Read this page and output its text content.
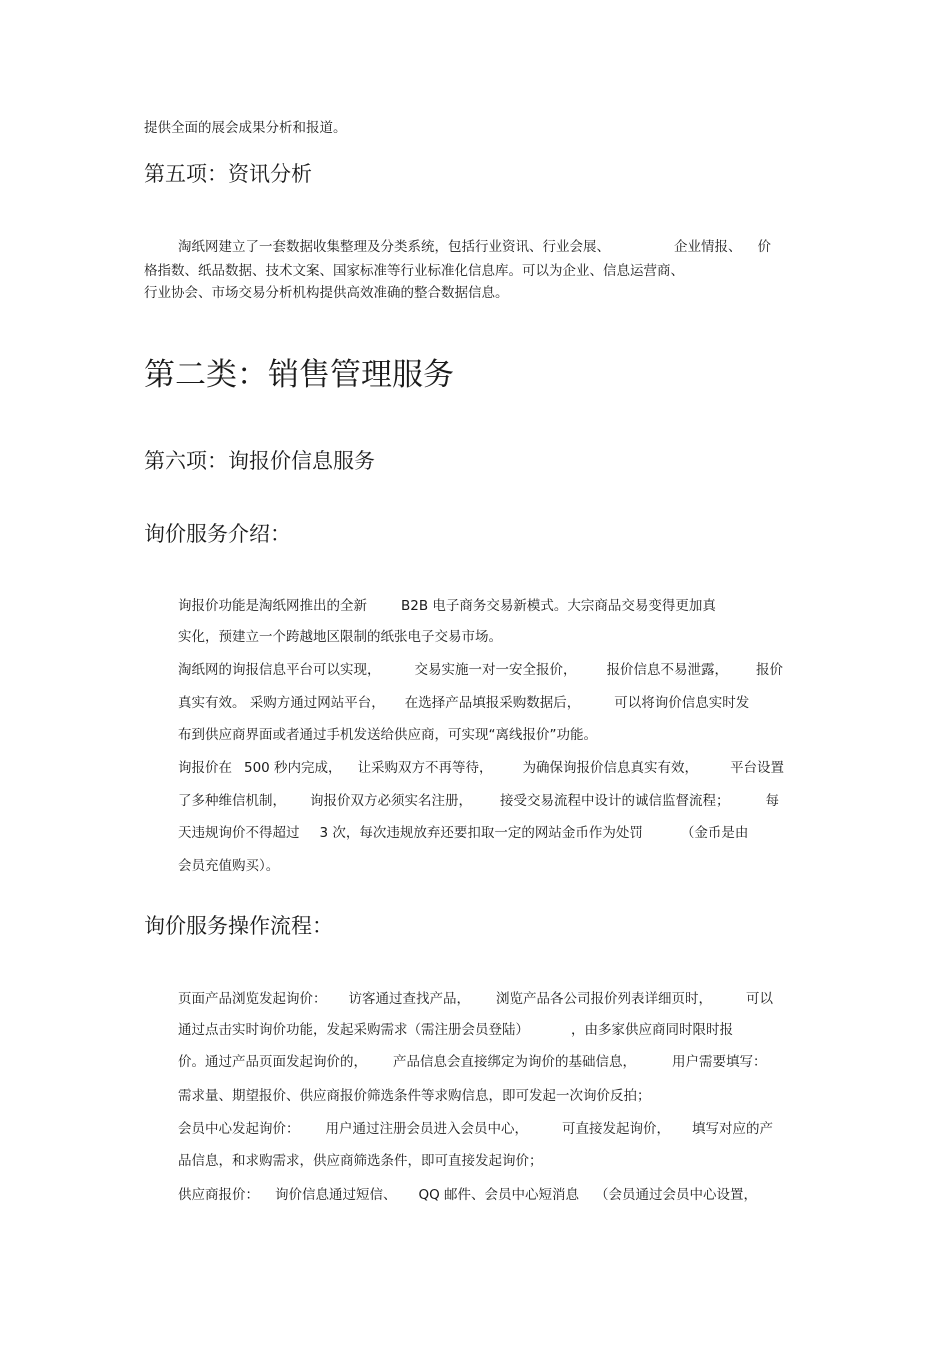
提供全面的展会成果分析和报道。
第五项：资讯分析
淘纸网建立了一套数据收集整理及分类系统，包括行业资讯、行业会展、	企业情报、 价
格指数、纸品数据、技术文案、国家标准等行业标准化信息库。可以为企业、信息运营商、
行业协会、市场交易分析机构提供高效准确的整合数据信息。
第二类：销售管理服务
第六项：询报价信息服务
询价服务介绍：
询报价功能是淘纸网推出的全新	B2B 电子商务交易新模式。大宗商品交易变得更加真
实化，预建立一个跨越地区限制的纸张电子交易市场。
淘纸网的询报信息平台可以实现，	交易实施一对一安全报价， 报价信息不易泄露， 报价
真实有效。 采购方通过网站平台， 在选择产品填报采购数据后，	可以将询价信息实时发
布到供应商界面或者通过手机发送给供应商，可实现“离线报价”功能。
询报价在 500 秒内完成， 让采购双方不再等待， 为确保询报价信息真实有效， 平台设置
了多种维信机制， 询报价双方必须实名注册， 接受交易流程中设计的诚信监督流程；	每
天违规询价不得超过 3 次，每次违规放弃还要扣取一定的网站金币作为处罚	（金币是由
会员充值购买）。
询价服务操作流程：
页面产品浏览发起询价： 访客通过查找产品， 浏览产品各公司报价列表详细页时，	可以
通过点击实时询价功能，发起采购需求（需注册会员登陆）	，由多家供应商同时限时报
价。通过产品页面发起询价的， 产品信息会直接绑定为询价的基础信息，	用户需要填写：
需求量、期望报价、供应商报价筛选条件等求购信息，即可发起一次询价反拍；
会员中心发起询价： 用户通过注册会员进入会员中心，	可直接发起询价， 填写对应的产
品信息，和求购需求，供应商筛选条件，即可直接发起询价；
供应商报价： 询价信息通过短信、 QQ 邮件、会员中心短消息 （会员通过会员中心设置，
